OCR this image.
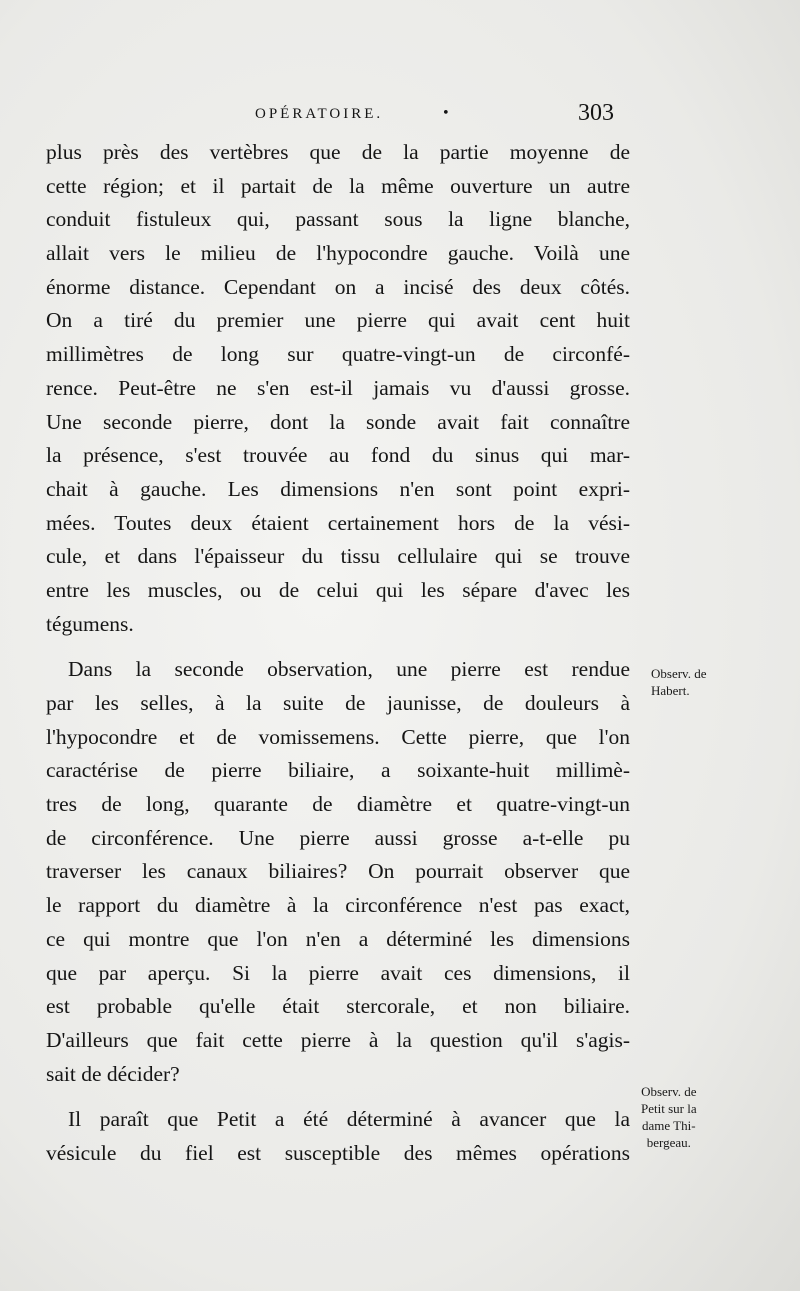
OPÉRATOIRE.	•	303
plus près des vertèbres que de la partie moyenne de
cette région; et il partait de la même ouverture un autre
conduit fistuleux qui, passant sous la ligne blanche,
allait vers le milieu de l'hypocondre gauche. Voilà une
énorme distance. Cependant on a incisé des deux côtés.
On a tiré du premier une pierre qui avait cent huit
millimètres de long sur quatre-vingt-un de circonfé-
rence. Peut-être ne s'en est-il jamais vu d'aussi grosse.
Une seconde pierre, dont la sonde avait fait connaître
la présence, s'est trouvée au fond du sinus qui mar-
chait à gauche. Les dimensions n'en sont point expri-
mées. Toutes deux étaient certainement hors de la vési-
cule, et dans l'épaisseur du tissu cellulaire qui se trouve
entre les muscles, ou de celui qui les sépare d'avec les
tégumens.
Dans la seconde observation, une pierre est rendue
par les selles, à la suite de jaunisse, de douleurs à
l'hypocondre et de vomissemens. Cette pierre, que l'on
caractérise de pierre biliaire, a soixante-huit millimè-
tres de long, quarante de diamètre et quatre-vingt-un
de circonférence. Une pierre aussi grosse a-t-elle pu
traverser les canaux biliaires? On pourrait observer que
le rapport du diamètre à la circonférence n'est pas exact,
ce qui montre que l'on n'en a déterminé les dimensions
que par aperçu. Si la pierre avait ces dimensions, il
est probable qu'elle était stercorale, et non biliaire.
D'ailleurs que fait cette pierre à la question qu'il s'agis-
sait de décider?
Il paraît que Petit a été déterminé à avancer que la
vésicule du fiel est susceptible des mêmes opérations
Observ. de
Habert.
Observ. de
Petit sur la
dame Thi-
bergeau.
